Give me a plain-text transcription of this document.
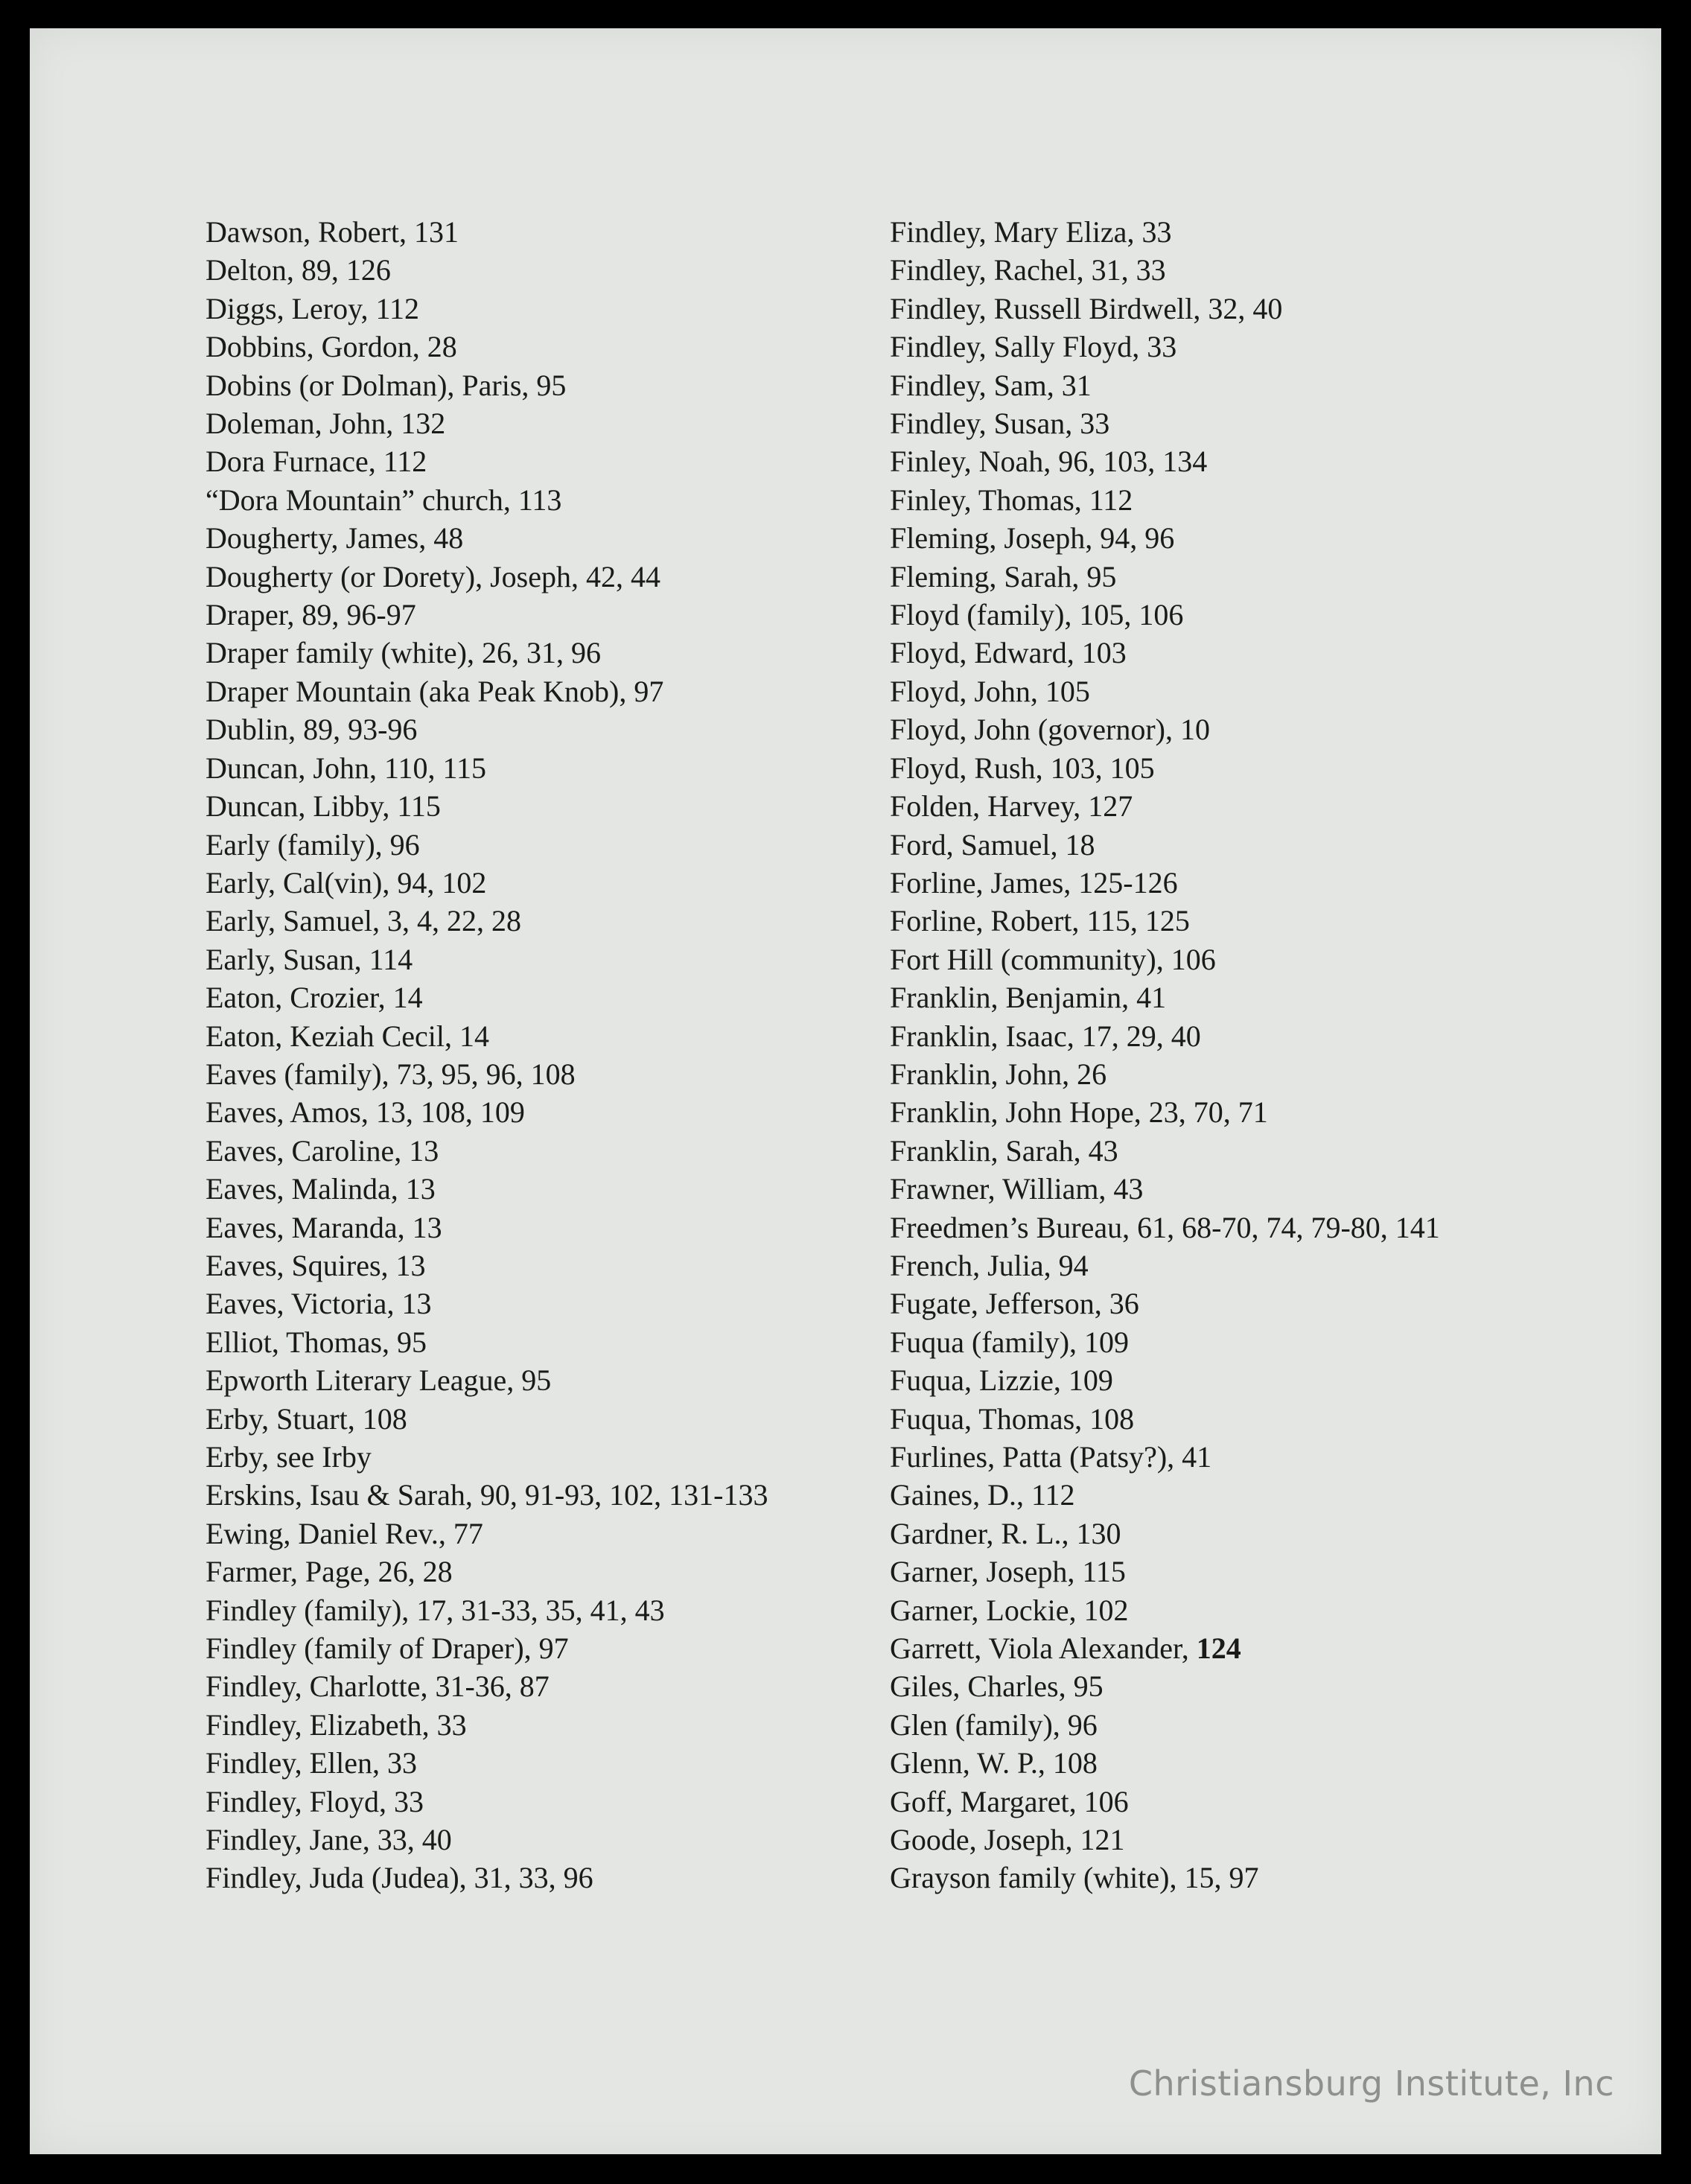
Dawson, Robert, 131
Delton, 89, 126
Diggs, Leroy, 112
Dobbins, Gordon, 28
Dobins (or Dolman), Paris, 95
Doleman, John, 132
Dora Furnace, 112
“Dora Mountain” church, 113
Dougherty, James, 48
Dougherty (or Dorety), Joseph, 42, 44
Draper, 89, 96-97
Draper family (white), 26, 31, 96
Draper Mountain (aka Peak Knob), 97
Dublin, 89, 93-96
Duncan, John, 110, 115
Duncan, Libby, 115
Early (family), 96
Early, Cal(vin), 94, 102
Early, Samuel, 3, 4, 22, 28
Early, Susan, 114
Eaton, Crozier, 14
Eaton, Keziah Cecil, 14
Eaves (family), 73, 95, 96, 108
Eaves, Amos, 13, 108, 109
Eaves, Caroline, 13
Eaves, Malinda, 13
Eaves, Maranda, 13
Eaves, Squires, 13
Eaves, Victoria, 13
Elliot, Thomas, 95
Epworth Literary League, 95
Erby, Stuart, 108
Erby, see Irby
Erskins, Isau & Sarah, 90, 91-93, 102, 131-133
Ewing, Daniel Rev., 77
Farmer, Page, 26, 28
Findley (family), 17, 31-33, 35, 41, 43
Findley (family of Draper), 97
Findley, Charlotte, 31-36, 87
Findley, Elizabeth, 33
Findley, Ellen, 33
Findley, Floyd, 33
Findley, Jane, 33, 40
Findley, Juda (Judea), 31, 33, 96
Findley, Mary Eliza, 33
Findley, Rachel, 31, 33
Findley, Russell Birdwell, 32, 40
Findley, Sally Floyd, 33
Findley, Sam, 31
Findley, Susan, 33
Finley, Noah, 96, 103, 134
Finley, Thomas, 112
Fleming, Joseph, 94, 96
Fleming, Sarah, 95
Floyd (family), 105, 106
Floyd, Edward, 103
Floyd, John, 105
Floyd, John (governor), 10
Floyd, Rush, 103, 105
Folden, Harvey, 127
Ford, Samuel, 18
Forline, James, 125-126
Forline, Robert, 115, 125
Fort Hill (community), 106
Franklin, Benjamin, 41
Franklin, Isaac, 17, 29, 40
Franklin, John, 26
Franklin, John Hope, 23, 70, 71
Franklin, Sarah, 43
Frawner, William, 43
Freedmen’s Bureau, 61, 68-70, 74, 79-80, 141
French, Julia, 94
Fugate, Jefferson, 36
Fuqua (family), 109
Fuqua, Lizzie, 109
Fuqua, Thomas, 108
Furlines, Patta (Patsy?), 41
Gaines, D., 112
Gardner, R. L., 130
Garner, Joseph, 115
Garner, Lockie, 102
Garrett, Viola Alexander, 124
Giles, Charles, 95
Glen (family), 96
Glenn, W. P., 108
Goff, Margaret, 106
Goode, Joseph, 121
Grayson family (white), 15, 97
Christiansburg Institute, Inc
